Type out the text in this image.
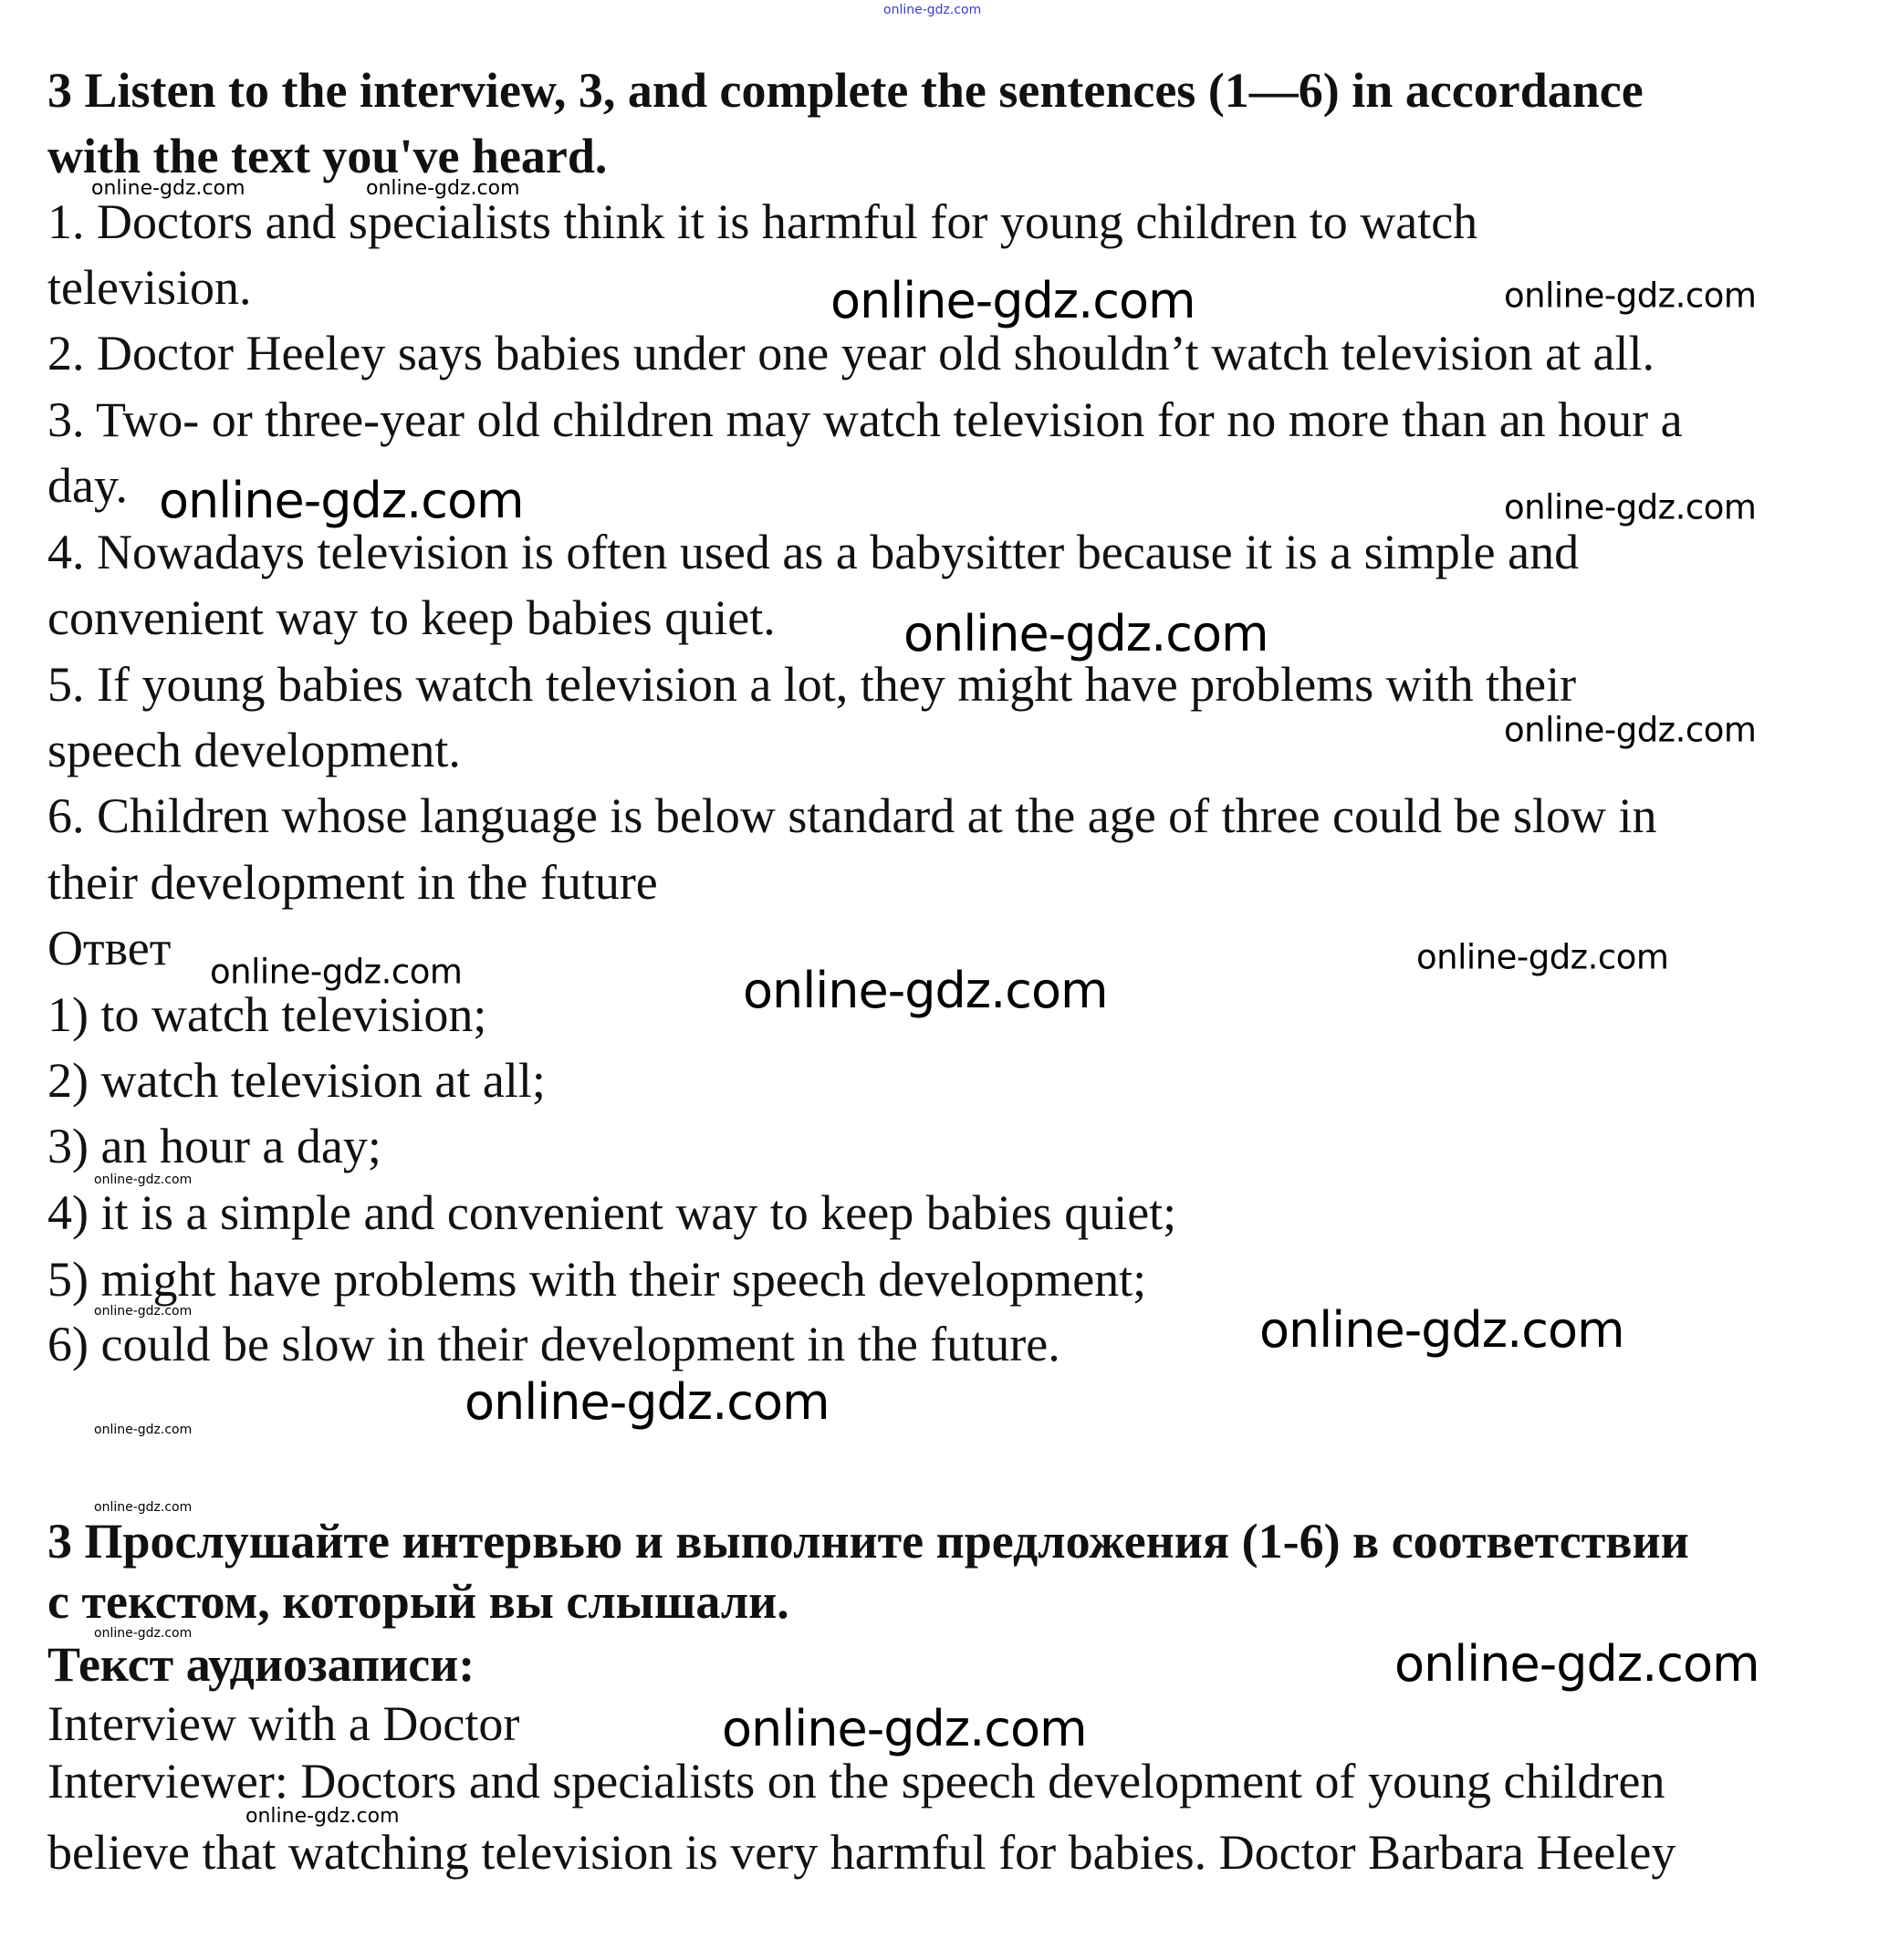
3 Listen to the interview, 3, and complete the sentences (1—6) in accordance
with the text you've heard.
1. Doctors and specialists think it is harmful for young children to watch
television.
2. Doctor Heeley says babies under one year old shouldn’t watch television at all.
3. Two- or three-year old children may watch television for no more than an hour a
day.
4. Nowadays television is often used as a babysitter because it is a simple and
convenient way to keep babies quiet.
5. If young babies watch television a lot, they might have problems with their
speech development.
6. Children whose language is below standard at the age of three could be slow in
their development in the future
Ответ
1) to watch television;
2) watch television at all;
3) an hour a day;
4) it is a simple and convenient way to keep babies quiet;
5) might have problems with their speech development;
6) could be slow in their development in the future.
3 Прослушайте интервью и выполните предложения (1-6) в соответствии
с текстом, который вы слышали.
Текст аудиозаписи:
Interview with a Doctor
Interviewer: Doctors and specialists on the speech development of young children
believe that watching television is very harmful for babies. Doctor Barbara Heeley
online-gdz.com
online-gdz.com	online-gdz.com
online-gdz.com	online-gdz.com
online-gdz.com	online-gdz.com
online-gdz.com
online-gdz.com
online-gdz.com	online-gdz.com
online-gdz.com
online-gdz.com
online-gdz.com	online-gdz.com
online-gdz.com
online-gdz.com
online-gdz.com
online-gdz.com
online-gdz.com
online-gdz.com
online-gdz.com
